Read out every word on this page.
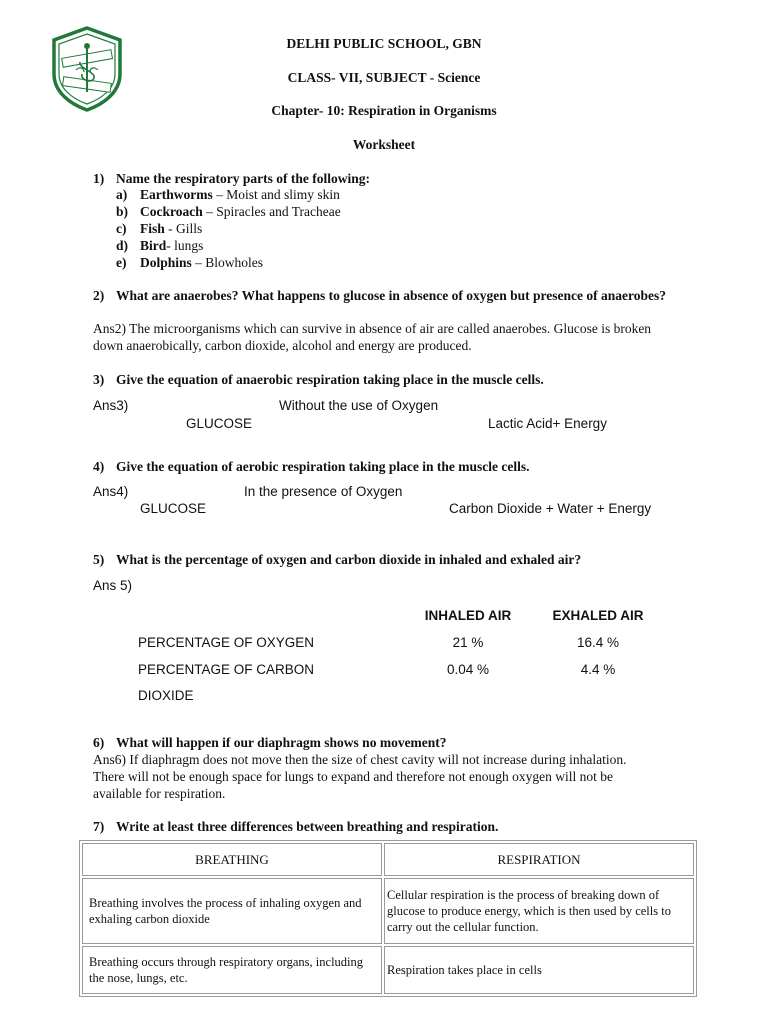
DELHI PUBLIC SCHOOL, GBN
CLASS- VII, SUBJECT - Science
Chapter- 10: Respiration in Organisms
Worksheet
1) Name the respiratory parts of the following:
a) Earthworms – Moist and slimy skin
b) Cockroach – Spiracles and Tracheae
c) Fish - Gills
d) Bird- lungs
e) Dolphins – Blowholes
2) What are anaerobes? What happens to glucose in absence of oxygen but presence of anaerobes?
Ans2) The microorganisms which can survive in absence of air are called anaerobes. Glucose is broken down anaerobically, carbon dioxide, alcohol and energy are produced.
3) Give the equation of anaerobic respiration taking place in the muscle cells.
Ans3)	Without the use of Oxygen
GLUCOSE	Lactic Acid+ Energy
4) Give the equation of aerobic respiration taking place in the muscle cells.
Ans4)	In the presence of Oxygen
GLUCOSE	Carbon Dioxide + Water + Energy
5) What is the percentage of oxygen and carbon dioxide in inhaled and exhaled air?
Ans 5)
INHALED AIR	EXHALED AIR
PERCENTAGE OF OXYGEN	21 %	16.4 %
PERCENTAGE OF CARBON	0.04 %	4.4 %
DIOXIDE
6) What will happen if our diaphragm shows no movement?
Ans6) If diaphragm does not move then the size of chest cavity will not increase during inhalation. There will not be enough space for lungs to expand and therefore not enough oxygen will not be available for respiration.
7) Write at least three differences between breathing and respiration.
BREATHING	RESPIRATION
Breathing involves the process of inhaling oxygen and exhaling carbon dioxide	Cellular respiration is the process of breaking down of glucose to produce energy, which is then used by cells to carry out the cellular function.
Breathing occurs through respiratory organs, including the nose, lungs, etc.	Respiration takes place in cells
